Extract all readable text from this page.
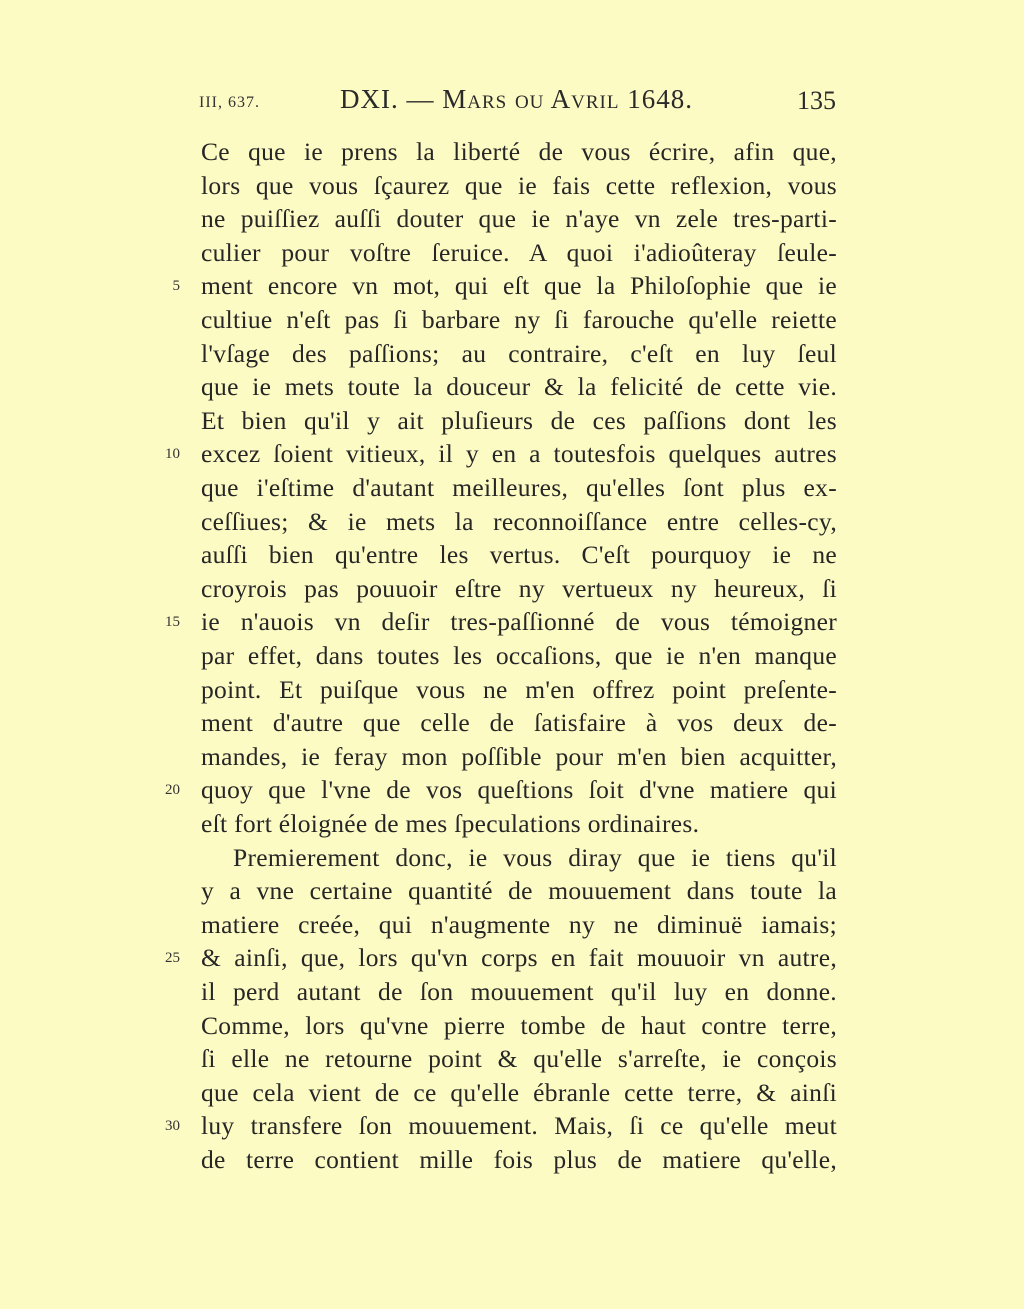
III, 637.	DXI. — Mars ou Avril 1648.	135
Ce que ie prens la liberté de vous écrire, afin que,
lors que vous ſçaurez que ie fais cette reflexion, vous
ne puiſſiez auſſi douter que ie n'aye vn zele tres-parti-
culier pour voſtre ſeruice. A quoi i'adioûteray ſeule-
5 ment encore vn mot, qui eſt que la Philoſophie que ie
cultiue n'eſt pas ſi barbare ny ſi farouche qu'elle reiette
l'vſage des paſſions; au contraire, c'eſt en luy ſeul
que ie mets toute la douceur & la felicité de cette vie.
Et bien qu'il y ait pluſieurs de ces paſſions dont les
10 excez ſoient vitieux, il y en a toutesfois quelques autres
que i'eſtime d'autant meilleures, qu'elles ſont plus ex-
ceſſiues; & ie mets la reconnoiſſance entre celles-cy,
auſſi bien qu'entre les vertus. C'eſt pourquoy ie ne
croyrois pas pouuoir eſtre ny vertueux ny heureux, ſi
15 ie n'auois vn deſir tres-paſſionné de vous témoigner
par effet, dans toutes les occaſions, que ie n'en manque
point. Et puiſque vous ne m'en offrez point preſente-
ment d'autre que celle de ſatisfaire à vos deux de-
mandes, ie feray mon poſſible pour m'en bien acquitter,
20 quoy que l'vne de vos queſtions ſoit d'vne matiere qui
eſt fort éloignée de mes ſpeculations ordinaires.
Premierement donc, ie vous diray que ie tiens qu'il
y a vne certaine quantité de mouuement dans toute la
matiere creée, qui n'augmente ny ne diminuë iamais;
25 & ainſi, que, lors qu'vn corps en fait mouuoir vn autre,
il perd autant de ſon mouuement qu'il luy en donne.
Comme, lors qu'vne pierre tombe de haut contre terre,
ſi elle ne retourne point & qu'elle s'arreſte, ie conçois
que cela vient de ce qu'elle ébranle cette terre, & ainſi
30 luy transfere ſon mouuement. Mais, ſi ce qu'elle meut
de terre contient mille fois plus de matiere qu'elle,
